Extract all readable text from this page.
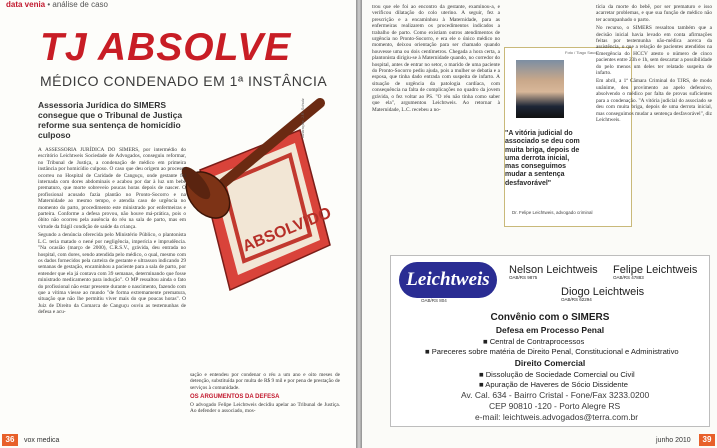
data venia • análise de caso
TJ ABSOLVE
MÉDICO CONDENADO EM 1ª INSTÂNCIA
Assessoria Jurídica do SIMERS consegue que o Tribunal de Justiça reforme sua sentença de homicídio culposo
ABSOLVIDO
Ilustração: J.R. Schulz

A ASSESSORIA JURÍDICA DO SIMERS, por intermédio do escritório Leichtweis Sociedade de Advogados, conseguiu reformar, no Tribunal de Justiça, a condenação de médico em primeira instância por homicídio culposo. O caso que deu origem ao processo ocorreu no Hospital de Caridade de Canguçu, onde gestante foi internada com dores abdominais e acabou por dar à luz um bebê prematuro, que morte sobreveio poucas horas depois de nascer. O profissional acusado fazia plantão no Pronto-Socorro e na Maternidade ao mesmo tempo, e atendia caso de urgência no momento do parto, procedimento este ministrado por enfermeiras e parteira. Conforme a defesa provou, não houve má-prática, pois o óbito não ocorreu pela ausência do réu na sala de parto, mas em virtude da frágil condição de saúde da criança.

Segundo a denúncia oferecida pelo Ministério Público, o plantonista L.C. teria matado o nené por negligência, imperícia e imprudência. "Na ocasião (março de 2000), C.R.S.V., grávida, deu entrada no hospital, com dores, sendo atendida pelo médico, o qual, mesmo com os dados fornecidos pela carteira de gestante e ultrasson indicando 29 semanas de gestação, encaminhou a paciente para a sala de parto, por entender que ela já contava com 39 semanas, determinando que fosse ministrado medicamento para indução". O MP ressaltou ainda o fato do profissional não estar presente durante o nascimento, fazendo com que a vítima viesse ao mundo "de forma extremamente prematura, situação que não lhe permitiu viver mais do que poucas horas". O Juiz de Direito da Comarca de Canguçu ouviu as testemunhas de defesa e acu-

sação e entendeu por condenar o réu a um ano e oito meses de detenção, substituída por multa de R$ 9 mil e por pena de prestação de serviços à comunidade.

OS ARGUMENTOS DA DEFESA

O advogado Felipe Leichtweis decidiu apelar ao Tribunal de Justiça. Ao defender o associado, mos-

36	vox medica

trou que ele foi ao encontro da gestante, examinou-a, e verificou dilatação do colo uterino. A seguir, fez a prescrição e a encaminhou à Maternidade, para as enfermeiras realizarem os procedimentos indicados a trabalho de parto. Como existiam outros atendimentos de urgência no Pronto-Socorro, e era ele o único médico no momento, deixou orientação para ser chamado quando houvesse uma ou dois centímetros. Chegada a hora certa, a plantonista dirigiu-se à Maternidade quando, no corredor do hospital, antes de entrar no setor, o marido de uma paciente do Pronto-Socorro pediu ajuda, pois a mulher se debatia e a esposa, que tinha dado entrada com suspeita de infarto. A situação de urgência da patologia cardíaca, com consequência na falta de complicações no quadro da jovem grávida, o fez voltar ao PS. "O réu não tinha como saber que ela", argumentou Leichtweis. Ao retornar à Maternidade, L.C. recebeu a no-

Foto / Tiago Sauo
"A vitória judicial do associado se deu com muita briga, depois de uma derrota inicial, mas conseguimos mudar a sentença desfavorável"
Dr. Felipe Leichtweis, advogado criminal

tícia da morte do bebê, por ser prematuro e isso acarretar problemas, e que sua função de médico não ter acompanhado o parto.

No recurso, o SIMERS ressaltou também que a decisão inicial havia levado em conta afirmações feitas por testemunha não-médica acerca da assistência, o que a relação de pacientes atendidos na Emergência do HCCV atesto o número de cinco pacientes entre 23h e 1h, sem descartar a possibilidade do pelo menos um deles ter relatado suspeita de infarto.

Em abril, a 1ª Câmara Criminal do TJRS, de modo unânime, deu provimento ao apelo defensivo, absolvendo o médico por falta de provas suficientes para a condenação. "A vitória judicial do associado se deu com muita briga, depois de uma derrota inicial, mas conseguimos mudar a sentença desfavorável", diz Leichtweis.

Leichtweis
OAB/RS 804
Nelson Leichtweis
OAB/RS 9875
Felipe Leichtweis
OAB/RS 47883
Diogo Leichtweis
OAB/RS 62294
Convênio com o SIMERS
Defesa em Processo Penal
■ Central de Contraprocessos
■ Pareceres sobre matéria de Direito Penal, Constitucional e Administrativo
Direito Comercial
■ Dissolução de Sociedade Comercial ou Civil
■ Apuração de Haveres de Sócio Dissidente
Av. Cal. 634 - Bairro Cristal - Fone/Fax 3233.0200
CEP 90810 -120 - Porto Alegre RS
e-mail: leichtweis.advogados@terra.com.br
junho 2010	39
